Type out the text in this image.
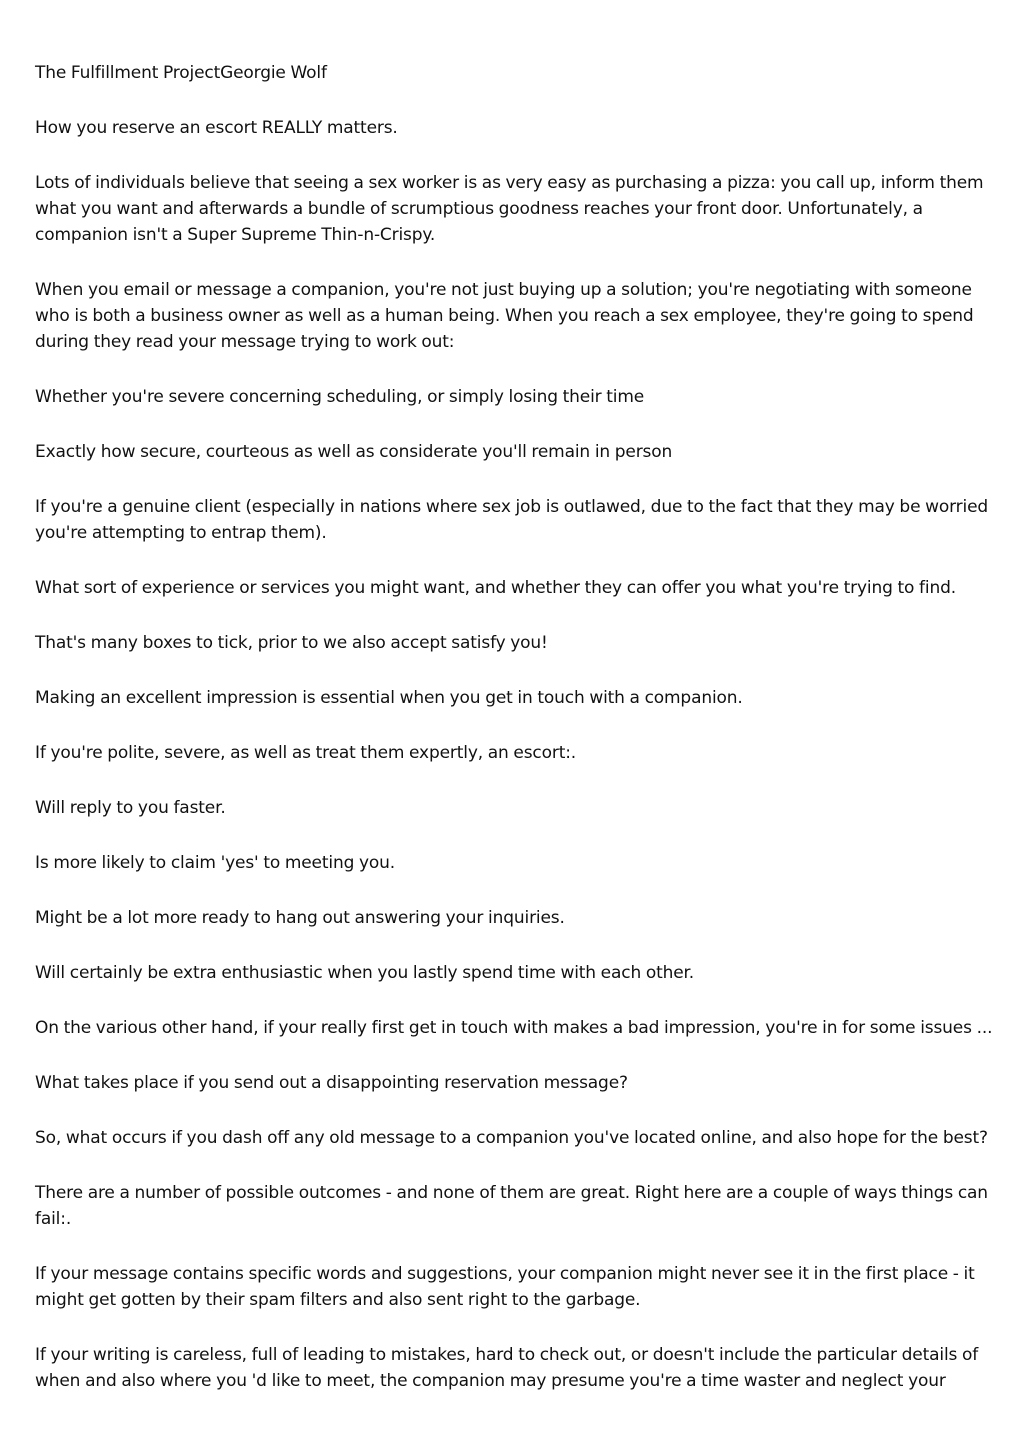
The Fulfillment ProjectGeorgie Wolf

How you reserve an escort REALLY matters.

Lots of individuals believe that seeing a sex worker is as very easy as purchasing a pizza: you call up, inform them what you want and afterwards a bundle of scrumptious goodness reaches your front door. Unfortunately, a companion isn't a Super Supreme Thin-n-Crispy.

When you email or message a companion, you're not just buying up a solution; you're negotiating with someone who is both a business owner as well as a human being. When you reach a sex employee, they're going to spend during they read your message trying to work out:

Whether you're severe concerning scheduling, or simply losing their time

Exactly how secure, courteous as well as considerate you'll remain in person

If you're a genuine client (especially in nations where sex job is outlawed, due to the fact that they may be worried you're attempting to entrap them).

What sort of experience or services you might want, and whether they can offer you what you're trying to find.

That's many boxes to tick, prior to we also accept satisfy you!

Making an excellent impression is essential when you get in touch with a companion.

If you're polite, severe, as well as treat them expertly, an escort:.

Will reply to you faster.

Is more likely to claim 'yes' to meeting you.

Might be a lot more ready to hang out answering your inquiries.

Will certainly be extra enthusiastic when you lastly spend time with each other.

On the various other hand, if your really first get in touch with makes a bad impression, you're in for some issues ...

What takes place if you send out a disappointing reservation message?

So, what occurs if you dash off any old message to a companion you've located online, and also hope for the best?

There are a number of possible outcomes - and none of them are great. Right here are a couple of ways things can fail:.

If your message contains specific words and suggestions, your companion might never see it in the first place - it might get gotten by their spam filters and also sent right to the garbage.

If your writing is careless, full of leading to mistakes, hard to check out, or doesn't include the particular details of when and also where you 'd like to meet, the companion may presume you're a time waster and neglect your
